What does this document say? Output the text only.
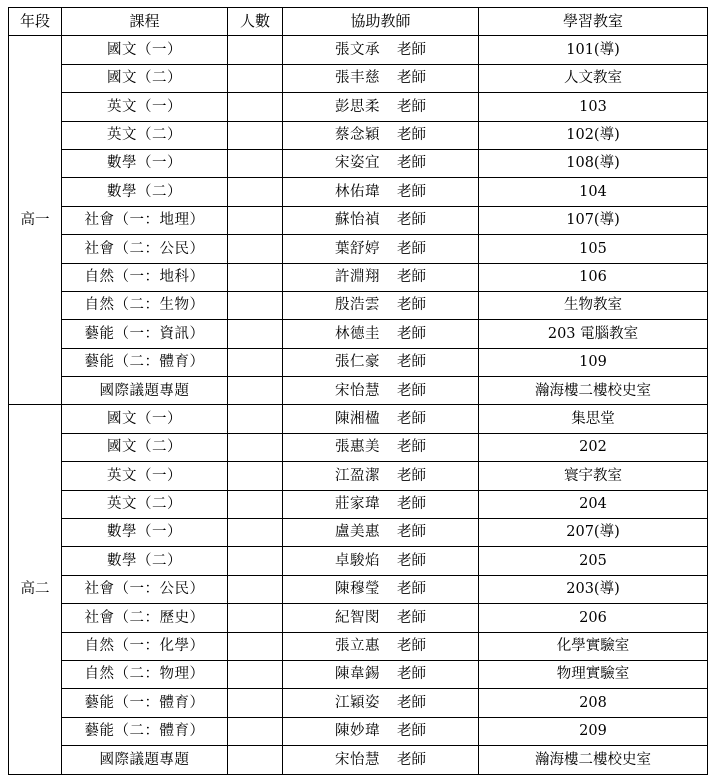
年段	課程	人數	協助教師	學習教室
高一	國文（一）		張文承 老師	101(導)
	國文（二）		張丰慈 老師	人文教室
	英文（一）		彭思柔 老師	103
	英文（二）		蔡念穎 老師	102(導)
	數學（一）		宋姿宜 老師	108(導)
	數學（二）		林佑瑋 老師	104
	社會（一：地理）		蘇怡禎 老師	107(導)
	社會（二：公民）		葉舒婷 老師	105
	自然（一：地科）		許淵翔 老師	106
	自然（二：生物）		殷浩雲 老師	生物教室
	藝能（一：資訊）		林德圭 老師	203 電腦教室
	藝能（二：體育）		張仁豪 老師	109
	國際議題專題		宋怡慧 老師	瀚海樓二樓校史室
高二	國文（一）		陳湘楹 老師	集思堂
	國文（二）		張惠美 老師	202
	英文（一）		江盈潔 老師	寰宇教室
	英文（二）		莊家瑋 老師	204
	數學（一）		盧美惠 老師	207(導)
	數學（二）		卓駿焰 老師	205
	社會（一：公民）		陳穆瑩 老師	203(導)
	社會（二：歷史）		紀智閔 老師	206
	自然（一：化學）		張立惠 老師	化學實驗室
	自然（二：物理）		陳韋錫 老師	物理實驗室
	藝能（一：體育）		江穎姿 老師	208
	藝能（二：體育）		陳妙瑋 老師	209
	國際議題專題		宋怡慧 老師	瀚海樓二樓校史室
